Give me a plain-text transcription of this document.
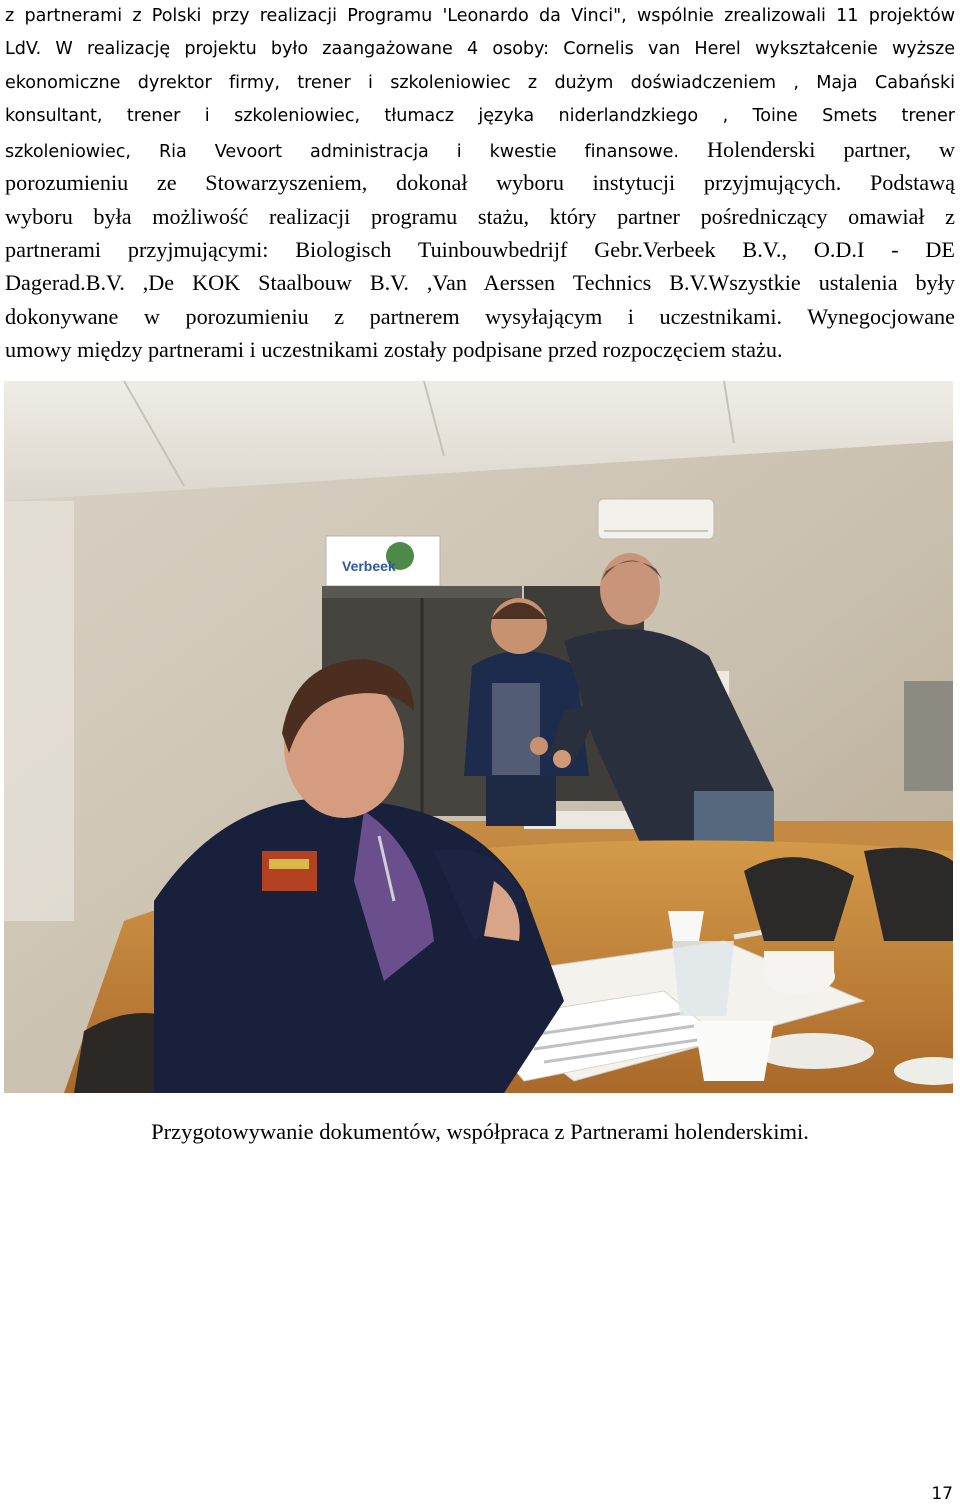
z partnerami z Polski przy realizacji Programu 'Leonardo da Vinci", wspólnie zrealizowali 11 projektów
LdV. W realizację projektu było zaangażowane 4 osoby: Cornelis van Herel wykształcenie wyższe
ekonomiczne dyrektor firmy, trener i szkoleniowiec z dużym doświadczeniem , Maja Cabański
konsultant, trener i szkoleniowiec, tłumacz języka niderlandzkiego , Toine Smets trener
szkoleniowiec, Ria Vevoort administracja i kwestie finansowe. Holenderski partner, w
porozumieniu ze Stowarzyszeniem, dokonał wyboru instytucji przyjmujących. Podstawą
wyboru była możliwość realizacji programu stażu, który partner pośredniczący omawiał z
partnerami przyjmującymi: Biologisch Tuinbouwbedrijf Gebr.Verbeek B.V., O.D.I - DE
Dagerad.B.V. ,De KOK Staalbouw B.V. ,Van Aerssen Technics B.V.Wszystkie ustalenia były
dokonywane w porozumieniu z partnerem wysyłającym i uczestnikami. Wynegocjowane
umowy między partnerami i uczestnikami zostały podpisane przed rozpoczęciem stażu.
Verbeek
Przygotowywanie dokumentów, współpraca z Partnerami holenderskimi.
17
